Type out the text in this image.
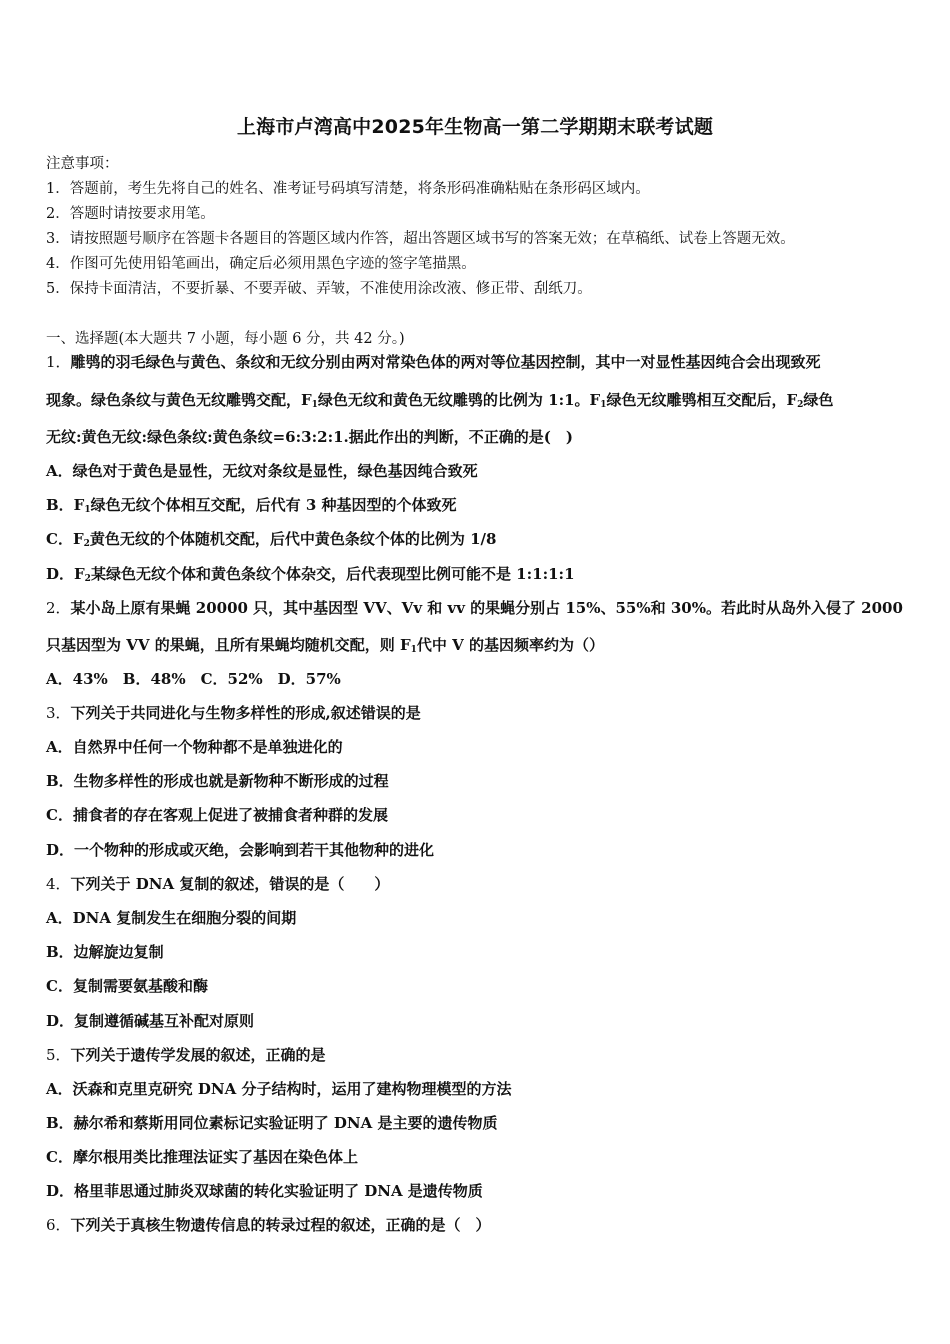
上海市卢湾高中2025年生物高一第二学期期末联考试题
注意事项：
1．答题前，考生先将自己的姓名、准考证号码填写清楚，将条形码准确粘贴在条形码区域内。
2．答题时请按要求用笔。
3．请按照题号顺序在答题卡各题目的答题区域内作答，超出答题区域书写的答案无效；在草稿纸、试卷上答题无效。
4．作图可先使用铅笔画出，确定后必须用黑色字迹的签字笔描黑。
5．保持卡面清洁，不要折暴、不要弄破、弄皱，不准使用涂改液、修正带、刮纸刀。
一、选择题(本大题共 7 小题，每小题 6 分，共 42 分。)
1．雕鸮的羽毛绿色与黄色、条纹和无纹分别由两对常染色体的两对等位基因控制，其中一对显性基因纯合会出现致死
现象。绿色条纹与黄色无纹雕鸮交配，$F_1$绿色无纹和黄色无纹雕鸮的比例为 1:1。$F_1$绿色无纹雕鸮相互交配后，$F_2$绿色
无纹:黄色无纹:绿色条纹:黄色条纹=6:3:2:1.据此作出的判断，不正确的是(　)
A．绿色对于黄色是显性，无纹对条纹是显性，绿色基因纯合致死
B．$F_1$绿色无纹个体相互交配，后代有 3 种基因型的个体致死
C．$F_2$黄色无纹的个体随机交配，后代中黄色条纹个体的比例为 1/8
D．$F_2$某绿色无纹个体和黄色条纹个体杂交，后代表现型比例可能不是 1:1:1:1
2．某小岛上原有果蝇 20000 只，其中基因型 VV、Vv 和 vv 的果蝇分别占 15%、55%和 30%。若此时从岛外入侵了 2000
只基因型为 VV 的果蝇，且所有果蝇均随机交配，则 $F_1$代中 V 的基因频率约为（）
A．43%　B．48%　C．52%　D．57%
3．下列关于共同进化与生物多样性的形成,叙述错误的是
A．自然界中任何一个物种都不是单独进化的
B．生物多样性的形成也就是新物种不断形成的过程
C．捕食者的存在客观上促进了被捕食者种群的发展
D．一个物种的形成或灭绝，会影响到若干其他物种的进化
4．下列关于 DNA 复制的叙述，错误的是（　　）
A．DNA 复制发生在细胞分裂的间期
B．边解旋边复制
C．复制需要氨基酸和酶
D．复制遵循碱基互补配对原则
5．下列关于遗传学发展的叙述，正确的是
A．沃森和克里克研究 DNA 分子结构时，运用了建构物理模型的方法
B．赫尔希和蔡斯用同位素标记实验证明了 DNA 是主要的遗传物质
C．摩尔根用类比推理法证实了基因在染色体上
D．格里菲思通过肺炎双球菌的转化实验证明了 DNA 是遗传物质
6．下列关于真核生物遗传信息的转录过程的叙述，正确的是（　）
